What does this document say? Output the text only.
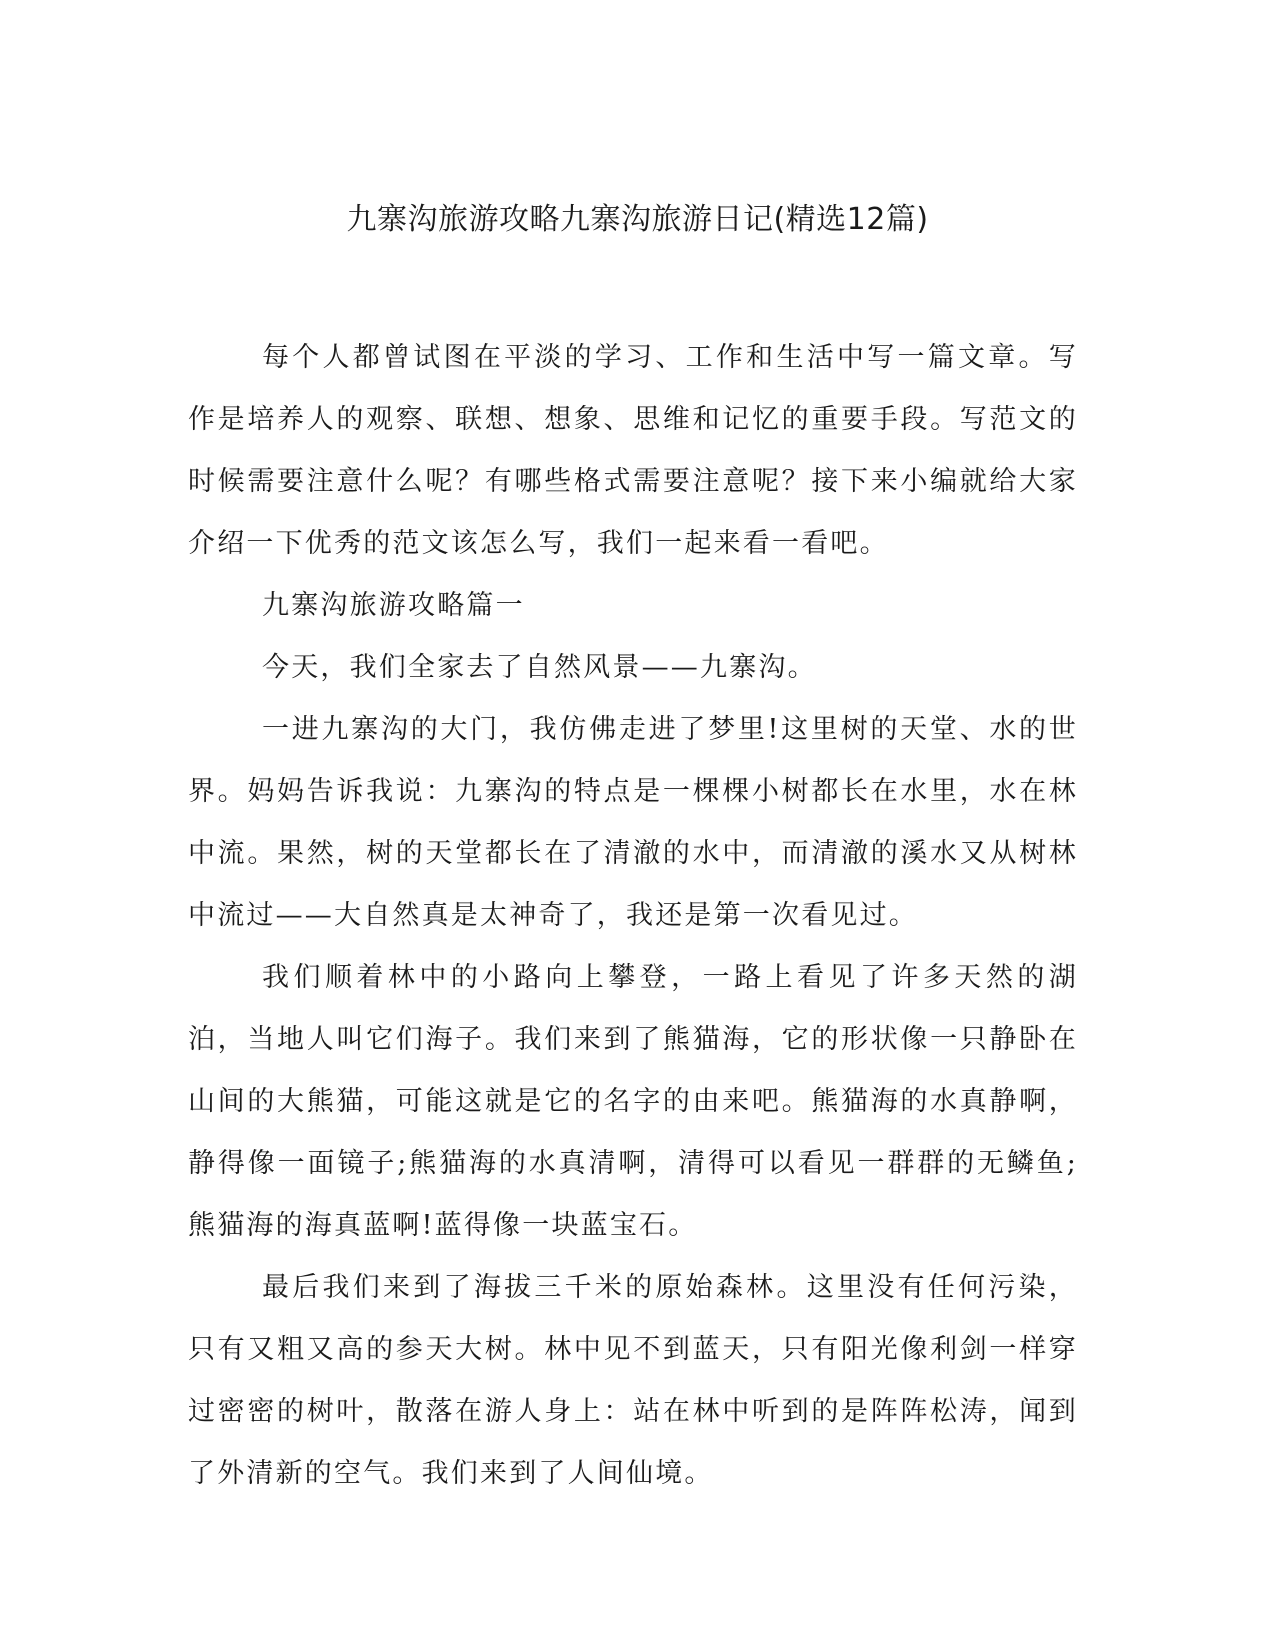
九寨沟旅游攻略九寨沟旅游日记(精选12篇)

每个人都曾试图在平淡的学习、工作和生活中写一篇文章。写作是培养人的观察、联想、想象、思维和记忆的重要手段。写范文的时候需要注意什么呢？有哪些格式需要注意呢？接下来小编就给大家介绍一下优秀的范文该怎么写，我们一起来看一看吧。

九寨沟旅游攻略篇一

今天，我们全家去了自然风景——九寨沟。

一进九寨沟的大门，我仿佛走进了梦里!这里树的天堂、水的世界。妈妈告诉我说：九寨沟的特点是一棵棵小树都长在水里，水在林中流。果然，树的天堂都长在了清澈的水中，而清澈的溪水又从树林中流过——大自然真是太神奇了，我还是第一次看见过。

我们顺着林中的小路向上攀登，一路上看见了许多天然的湖泊，当地人叫它们海子。我们来到了熊猫海，它的形状像一只静卧在山间的大熊猫，可能这就是它的名字的由来吧。熊猫海的水真静啊，静得像一面镜子;熊猫海的水真清啊，清得可以看见一群群的无鳞鱼;熊猫海的海真蓝啊!蓝得像一块蓝宝石。

最后我们来到了海拔三千米的原始森林。这里没有任何污染，只有又粗又高的参天大树。林中见不到蓝天，只有阳光像利剑一样穿过密密的树叶，散落在游人身上：站在林中听到的是阵阵松涛，闻到了外清新的空气。我们来到了人间仙境。
